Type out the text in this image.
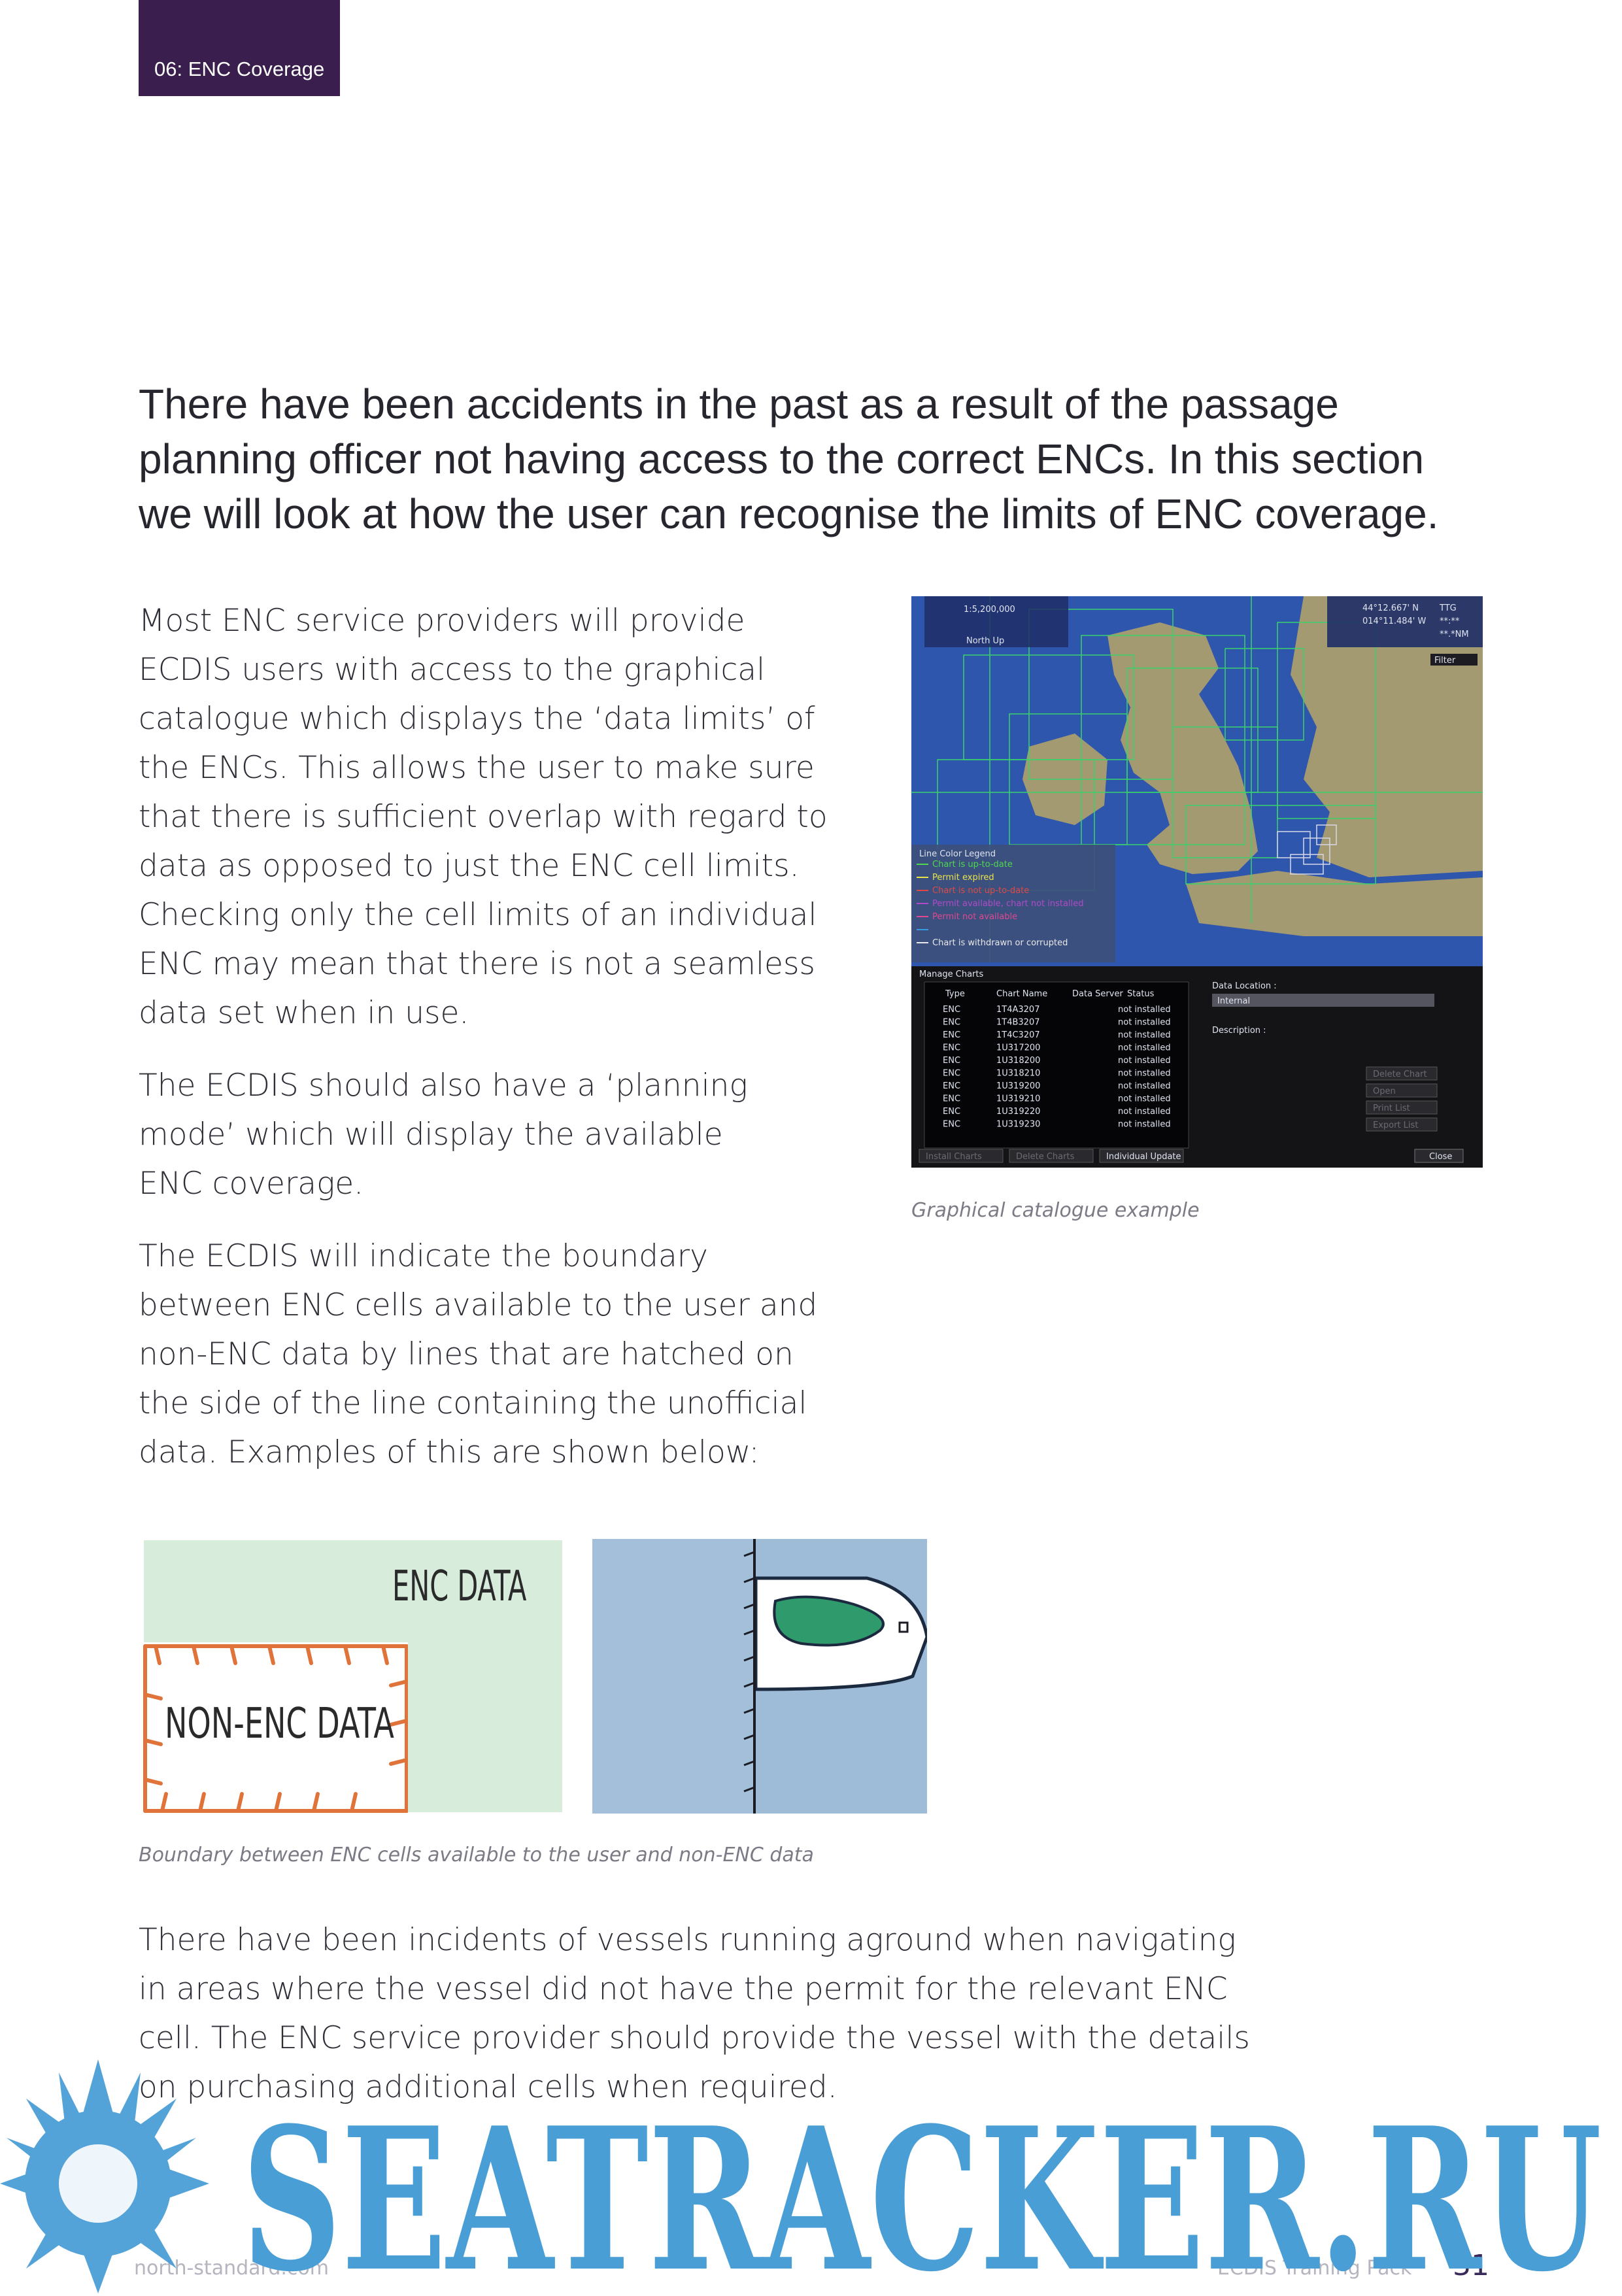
06: ENC Coverage

There have been accidents in the past as a result of the passage

planning officer not having access to the correct ENCs. In this section

we will look at how the user can recognise the limits of ENC coverage.

Most ENC service providers will provide
ECDIS users with access to the graphical
catalogue which displays the ‘data limits’ of
the ENCs. This allows the user to make sure
that there is sufficient overlap with regard to
data as opposed to just the ENC cell limits.
Checking only the cell limits of an individual
ENC may mean that there is not a seamless
data set when in use.

The ECDIS should also have a ‘planning
mode’ which will display the available
ENC coverage.

The ECDIS will indicate the boundary
between ENC cells available to the user and
non-ENC data by lines that are hatched on
the side of the line containing the unofficial
data. Examples of this are shown below:

1:5,200,000
North Up
44°12.667' N
014°11.484' W
TTG
**:**
**.*NM
Filter
Line Color Legend
Chart is up-to-date
Permit expired
Chart is not up-to-date
Permit available, chart not installed
Permit not available
Chart is withdrawn or corrupted
Manage Charts
Type	Chart Name	Data Server Status
ENC	1T4A3207	not installed
ENC	1T4B3207	not installed
ENC	1T4C3207	not installed
ENC	1U317200	not installed
ENC	1U318200	not installed
ENC	1U318210	not installed
ENC	1U319200	not installed
ENC	1U319210	not installed
ENC	1U319220	not installed
ENC	1U319230	not installed
Data Location :
Internal
Description :
Delete Chart
Open
Print List
Export List
Install Charts	Delete Charts	Individual Update	Close
Graphical catalogue example
ENC DATA
NON-ENC DATA
Boundary between ENC cells available to the user and non-ENC data
There have been incidents of vessels running aground when navigating
in areas where the vessel did not have the permit for the relevant ENC
cell. The ENC service provider should provide the vessel with the details
on purchasing additional cells when required.
north-standard.com	ECDIS Training Pack 31
SEATRACKER.RU
